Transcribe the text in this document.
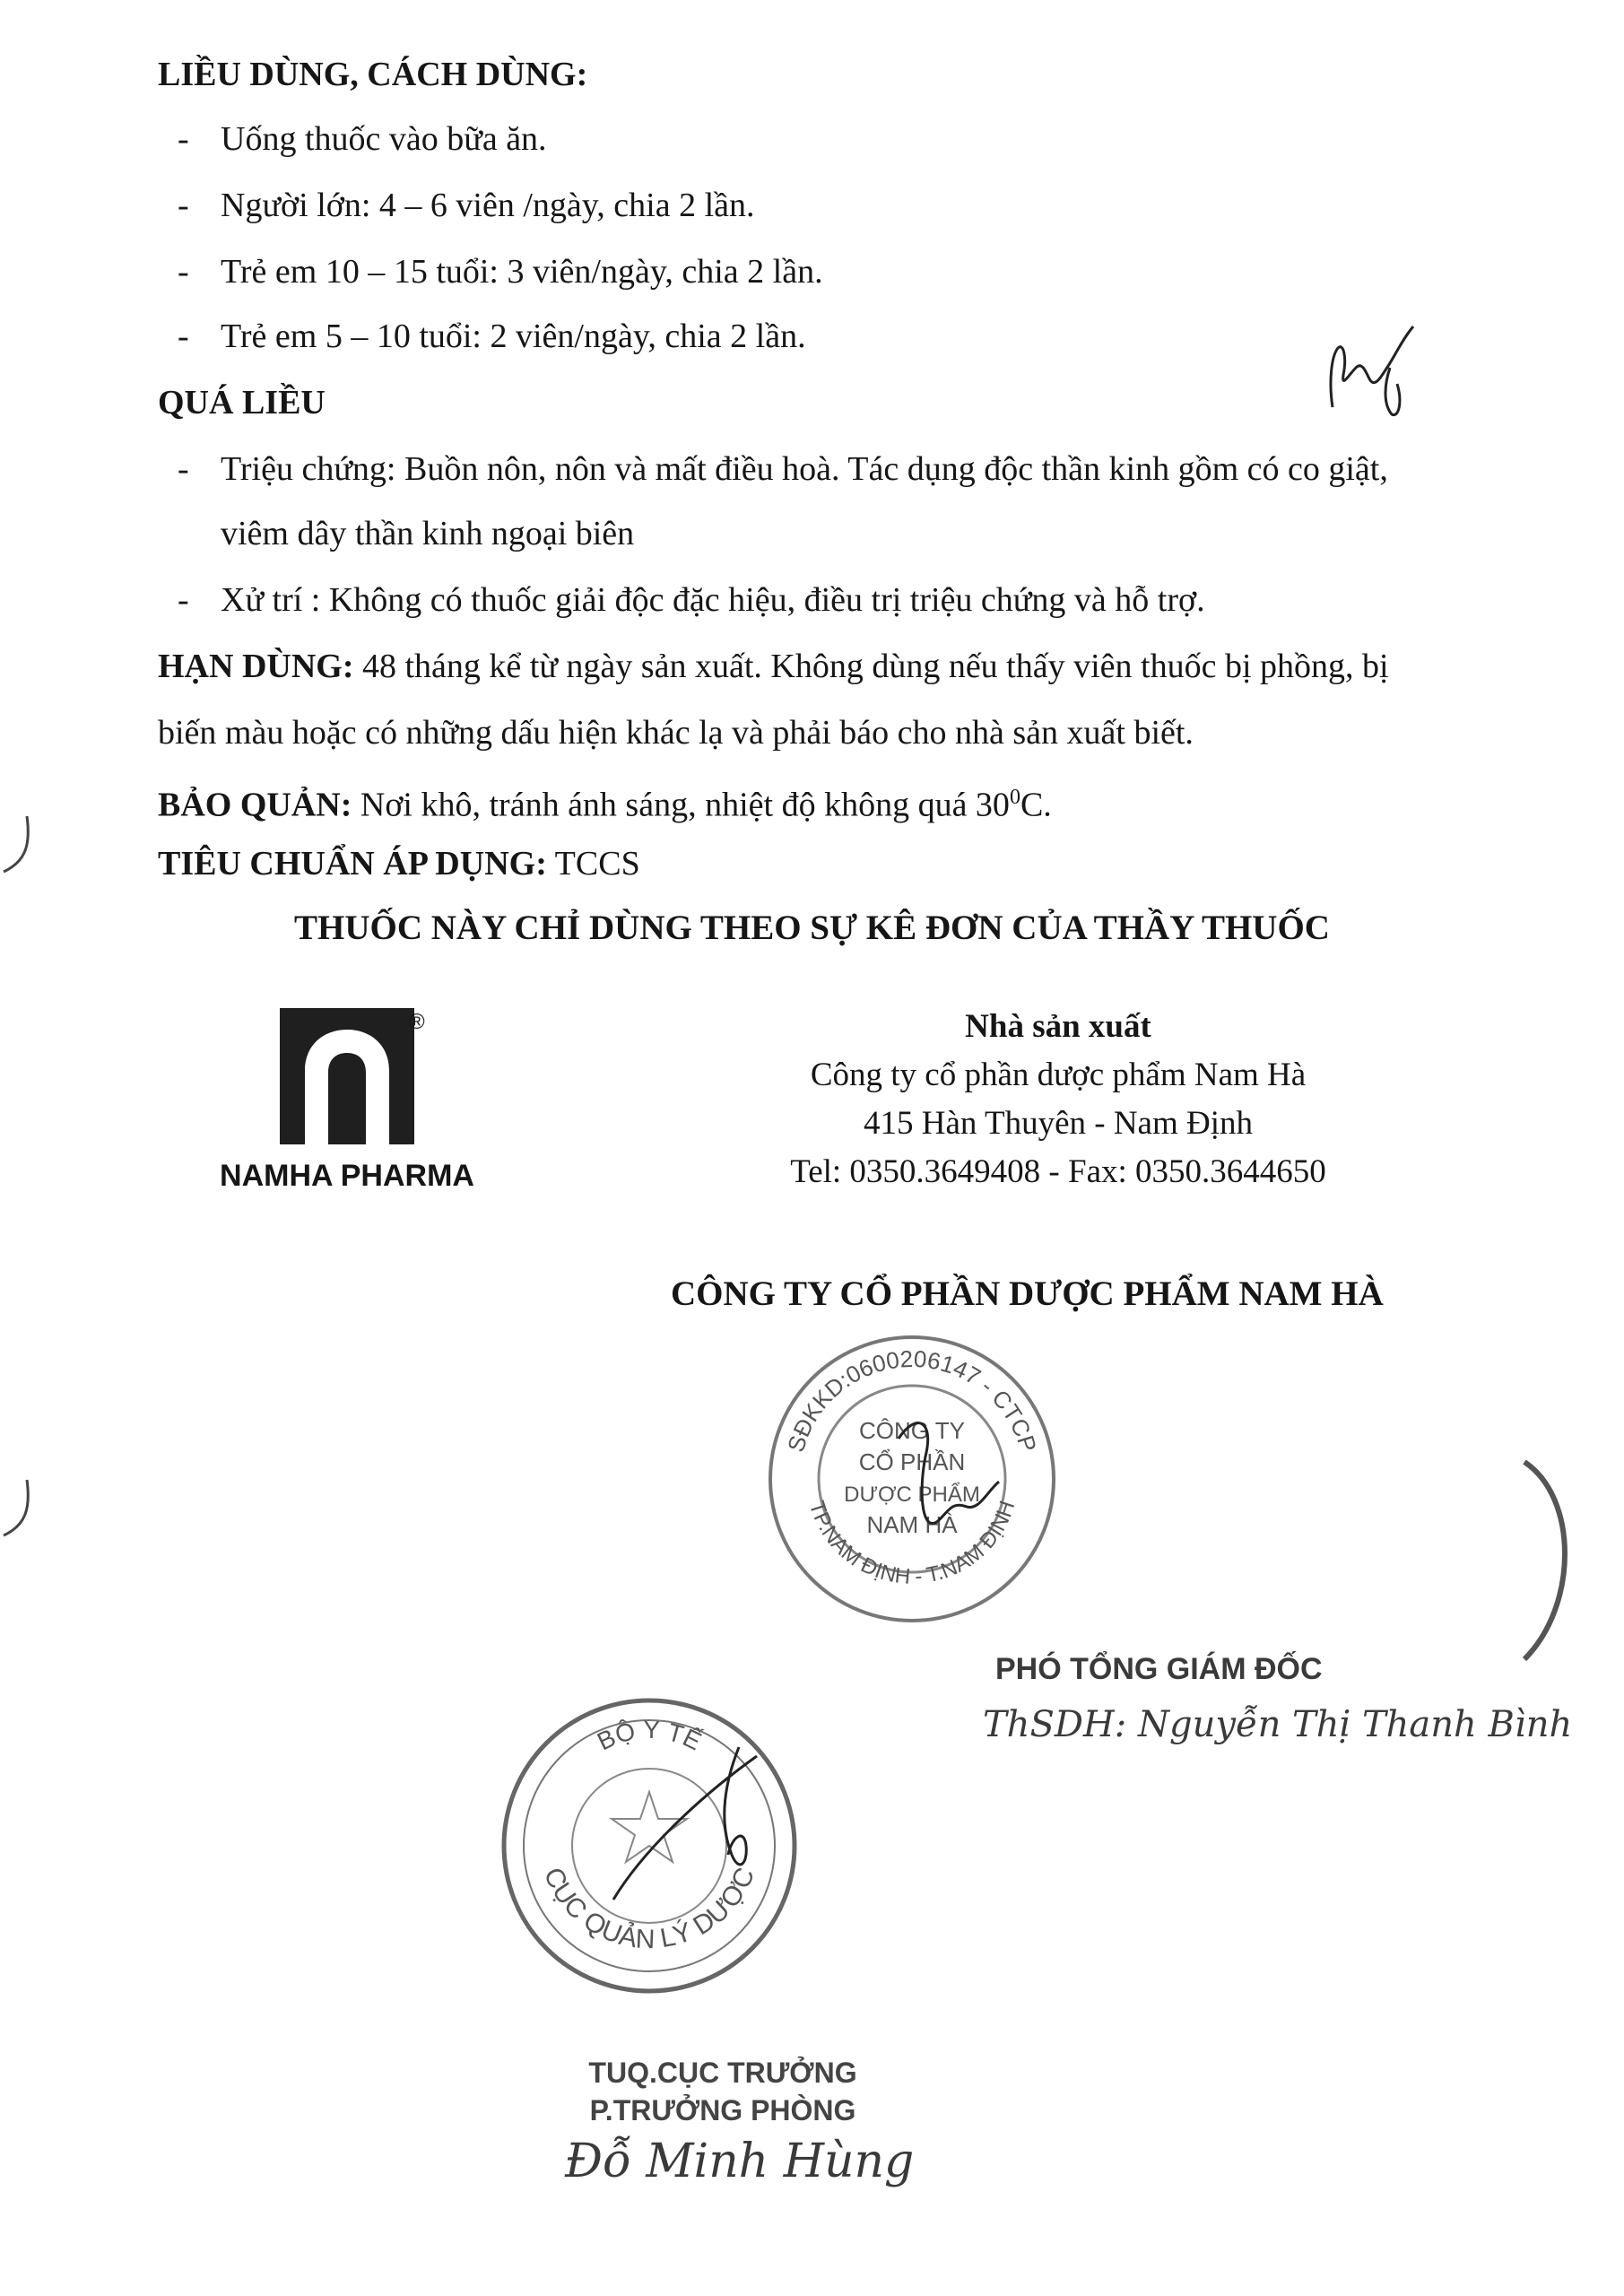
LIỀU DÙNG, CÁCH DÙNG:
- Uống thuốc vào bữa ăn.
- Người lớn: 4 – 6 viên /ngày, chia 2 lần.
- Trẻ em 10 – 15 tuổi: 3 viên/ngày, chia 2 lần.
- Trẻ em 5 – 10 tuổi: 2 viên/ngày, chia 2 lần.
QUÁ LIỀU
- Triệu chứng: Buồn nôn, nôn và mất điều hoà. Tác dụng độc thần kinh gồm có co giật,
viêm dây thần kinh ngoại biên
- Xử trí : Không có thuốc giải độc đặc hiệu, điều trị triệu chứng và hỗ trợ.
HẠN DÙNG: 48 tháng kể từ ngày sản xuất. Không dùng nếu thấy viên thuốc bị phồng, bị
biến màu hoặc có những dấu hiện khác lạ và phải báo cho nhà sản xuất biết.
BẢO QUẢN: Nơi khô, tránh ánh sáng, nhiệt độ không quá $30^0C$.
TIÊU CHUẨN ÁP DỤNG: TCCS
THUỐC NÀY CHỈ DÙNG THEO SỰ KÊ ĐƠN CỦA THẦY THUỐC
®
NAMHA PHARMA
Nhà sản xuất
Công ty cổ phần dược phẩm Nam Hà
415 Hàn Thuyên - Nam Định
Tel: 0350.3649408 - Fax: 0350.3644650
CÔNG TY CỔ PHẦN DƯỢC PHẨM NAM HÀ
SĐKKD:0600206147 - CTCP
TP.NAM ĐỊNH - T.NAM ĐỊNH
CÔNG TY
CỔ PHẦN
DƯỢC PHẨM
NAM HÀ
PHÓ TỔNG GIÁM ĐỐC
ThSDH: Nguyễn Thị Thanh Bình
BỘ Y TẾ
CỤC QUẢN LÝ DƯỢC
TUQ.CỤC TRƯỞNG
P.TRƯỞNG PHÒNG
Đỗ Minh Hùng
